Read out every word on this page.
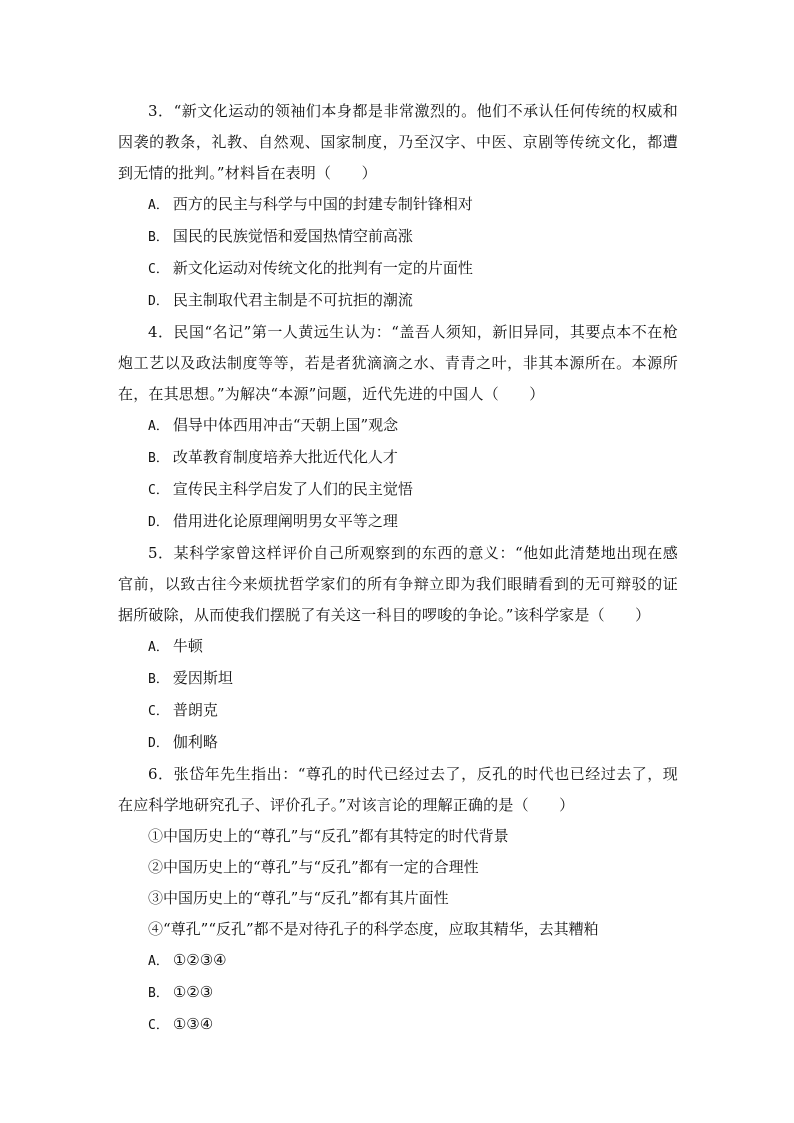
3．“新文化运动的领袖们本身都是非常激烈的。他们不承认任何传统的权威和因袭的教条，礼教、自然观、国家制度，乃至汉字、中医、京剧等传统文化，都遭到无情的批判。”材料旨在表明（　　）

A． 西方的民主与科学与中国的封建专制针锋相对

B． 国民的民族觉悟和爱国热情空前高涨

C． 新文化运动对传统文化的批判有一定的片面性

D． 民主制取代君主制是不可抗拒的潮流

4．民国“名记”第一人黄远生认为：“盖吾人须知，新旧异同，其要点本不在枪炮工艺以及政法制度等等，若是者犹滴滴之水、青青之叶，非其本源所在。本源所在，在其思想。”为解决“本源”问题，近代先进的中国人（　　）

A． 倡导中体西用冲击“天朝上国”观念

B． 改革教育制度培养大批近代化人才

C． 宣传民主科学启发了人们的民主觉悟

D． 借用进化论原理阐明男女平等之理

5．某科学家曾这样评价自己所观察到的东西的意义：“他如此清楚地出现在感官前，以致古往今来烦扰哲学家们的所有争辩立即为我们眼睛看到的无可辩驳的证据所破除，从而使我们摆脱了有关这一科目的啰唆的争论。”该科学家是（　　）

A． 牛顿

B． 爱因斯坦

C． 普朗克

D． 伽利略

6．张岱年先生指出：“尊孔的时代已经过去了，反孔的时代也已经过去了，现在应科学地研究孔子、评价孔子。”对该言论的理解正确的是（　　）

①中国历史上的“尊孔”与“反孔”都有其特定的时代背景

②中国历史上的“尊孔”与“反孔”都有一定的合理性

③中国历史上的“尊孔”与“反孔”都有其片面性

④“尊孔”“反孔”都不是对待孔子的科学态度，应取其精华，去其糟粕

A． ①②③④

B． ①②③

C． ①③④
